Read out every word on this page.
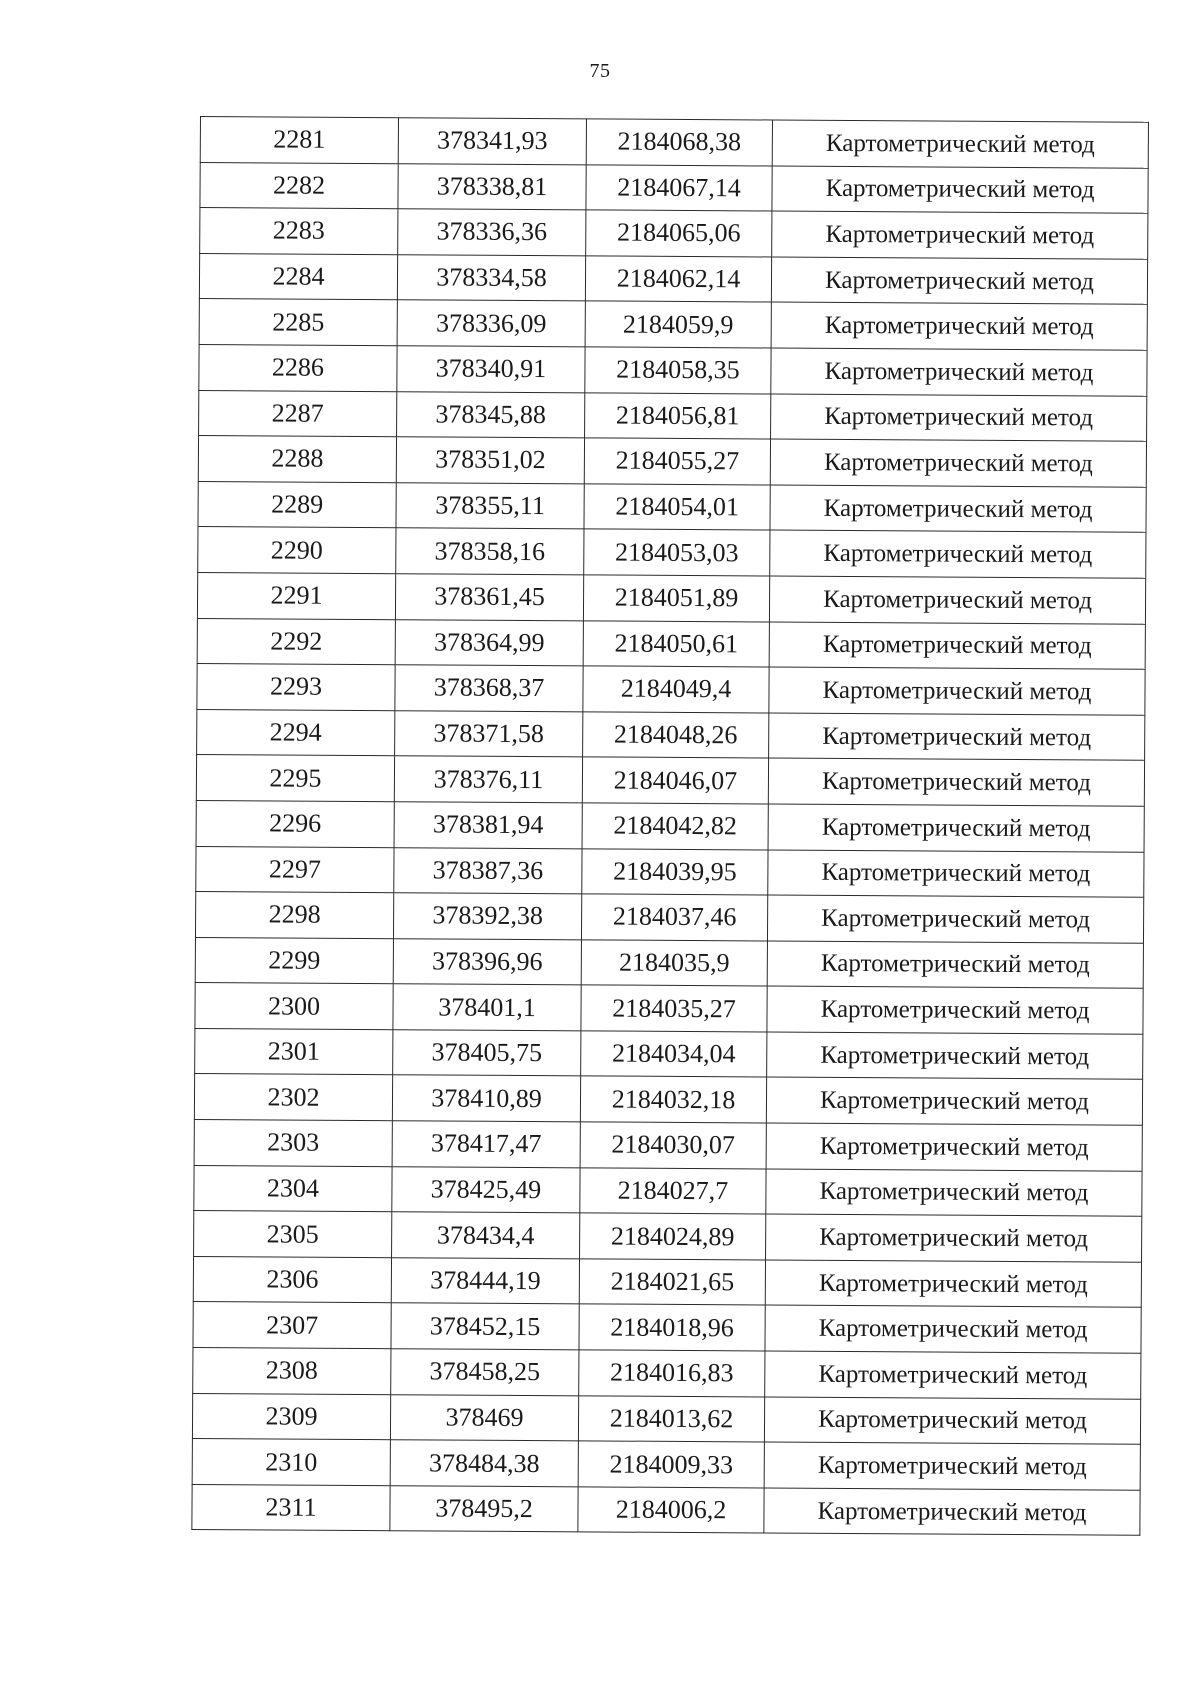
75
2281	378341,93	2184068,38	Картометрический метод
2282	378338,81	2184067,14	Картометрический метод
2283	378336,36	2184065,06	Картометрический метод
2284	378334,58	2184062,14	Картометрический метод
2285	378336,09	2184059,9	Картометрический метод
2286	378340,91	2184058,35	Картометрический метод
2287	378345,88	2184056,81	Картометрический метод
2288	378351,02	2184055,27	Картометрический метод
2289	378355,11	2184054,01	Картометрический метод
2290	378358,16	2184053,03	Картометрический метод
2291	378361,45	2184051,89	Картометрический метод
2292	378364,99	2184050,61	Картометрический метод
2293	378368,37	2184049,4	Картометрический метод
2294	378371,58	2184048,26	Картометрический метод
2295	378376,11	2184046,07	Картометрический метод
2296	378381,94	2184042,82	Картометрический метод
2297	378387,36	2184039,95	Картометрический метод
2298	378392,38	2184037,46	Картометрический метод
2299	378396,96	2184035,9	Картометрический метод
2300	378401,1	2184035,27	Картометрический метод
2301	378405,75	2184034,04	Картометрический метод
2302	378410,89	2184032,18	Картометрический метод
2303	378417,47	2184030,07	Картометрический метод
2304	378425,49	2184027,7	Картометрический метод
2305	378434,4	2184024,89	Картометрический метод
2306	378444,19	2184021,65	Картометрический метод
2307	378452,15	2184018,96	Картометрический метод
2308	378458,25	2184016,83	Картометрический метод
2309	378469	2184013,62	Картометрический метод
2310	378484,38	2184009,33	Картометрический метод
2311	378495,2	2184006,2	Картометрический метод
